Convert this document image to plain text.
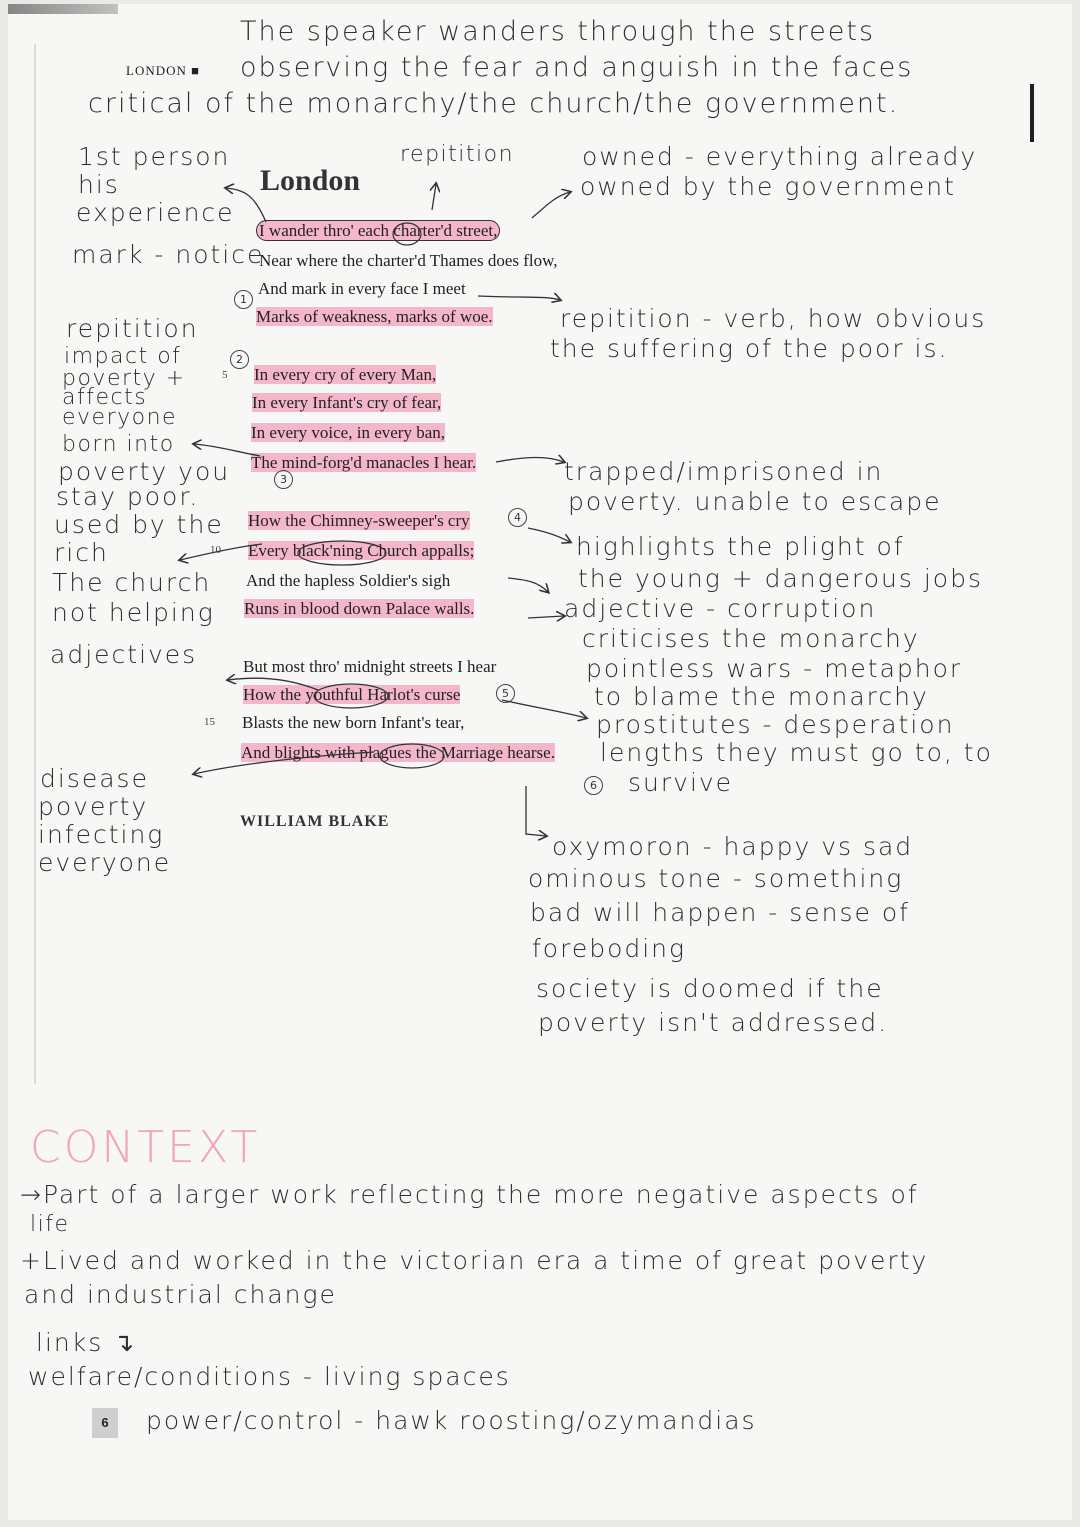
The speaker wanders through the streets
observing the fear and anguish in the faces
critical of the monarchy/the church/the government.
LONDON ■
London
repitition	owned - everything already
owned by the government
1st person
his
experience
mark - notice
repitition
impact of
poverty +
affects
everyone
born into
poverty you
stay poor.
used by the
rich
The church
not helping
adjectives
disease
poverty
infecting
everyone
I wander thro' each charter'd street,
Near where the charter'd Thames does flow,
And mark in every face I meet
Marks of weakness, marks of woe.
In every cry of every Man,
In every Infant's cry of fear,
In every voice, in every ban,
The mind-forg'd manacles I hear.
How the Chimney-sweeper's cry
Every black'ning Church appalls;
And the hapless Soldier's sigh
Runs in blood down Palace walls.
But most thro' midnight streets I hear
How the youthful Harlot's curse
Blasts the new born Infant's tear,
And blights with plagues the Marriage hearse.
5
10
15
1
2
3
4
5
6
WILLIAM BLAKE
repitition - verb, how obvious
the suffering of the poor is.
trapped/imprisoned in
poverty. unable to escape
highlights the plight of
the young + dangerous jobs
adjective - corruption
criticises the monarchy
pointless wars - metaphor
to blame the monarchy
prostitutes - desperation
lengths they must go to, to
survive
oxymoron - happy vs sad
ominous tone - something
bad will happen - sense of
foreboding
society is doomed if the
poverty isn't addressed.
CONTEXT
→Part of a larger work reflecting the more negative aspects of
life
+Lived and worked in the victorian era a time of great poverty
and industrial change
links ↴
welfare/conditions - living spaces
power/control - hawk roosting/ozymandias
6
